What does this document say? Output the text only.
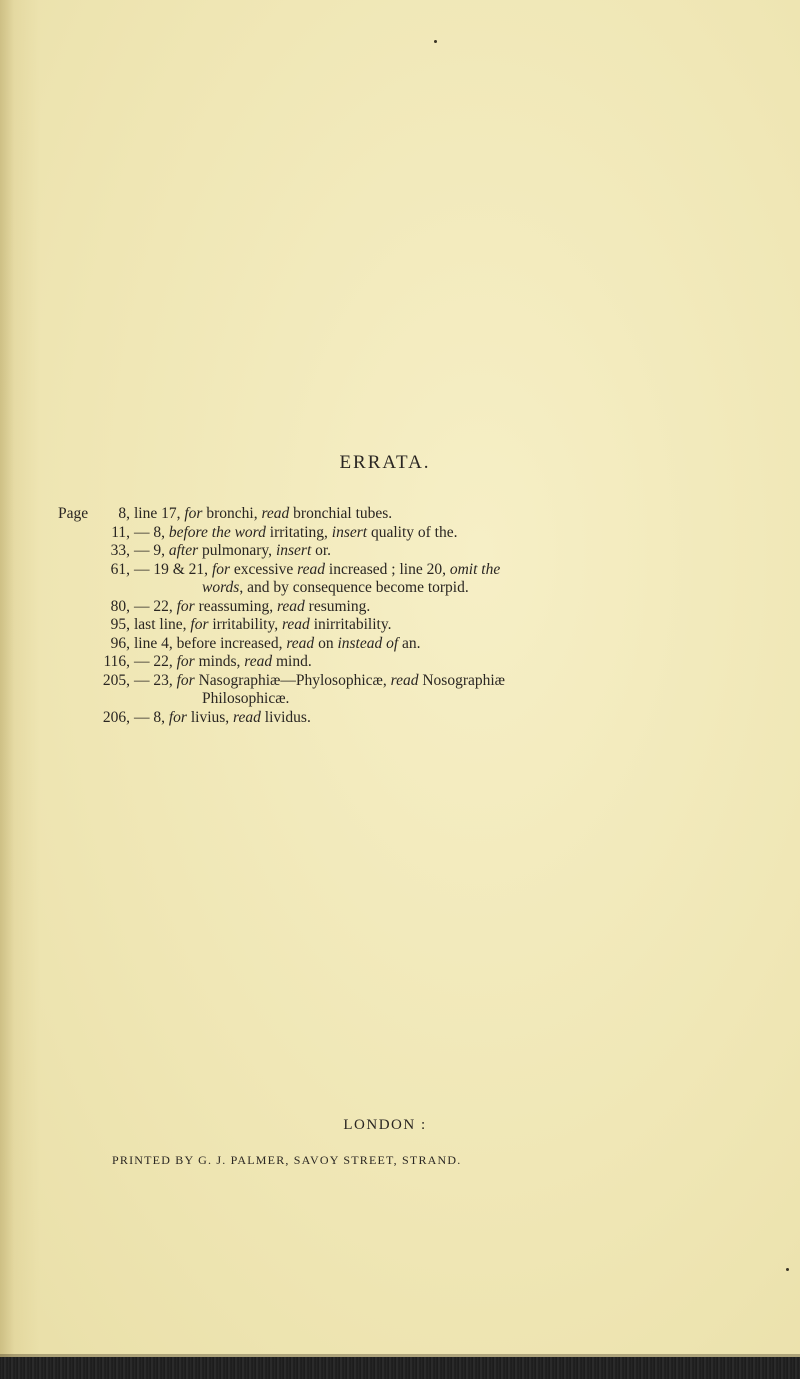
ERRATA.
Page	8, line 17, for bronchi, read bronchial tubes.
11, — 8, before the word irritating, insert quality of the.
33, — 9, after pulmonary, insert or.
61, — 19 & 21, for excessive read increased ; line 20, omit the
words, and by consequence become torpid.
80, — 22, for reassuming, read resuming.
95, last line, for irritability, read inirritability.
96, line 4, before increased, read on instead of an.
116, — 22, for minds, read mind.
205, — 23, for Nasographiæ—Phylosophicæ, read Nosographiæ
Philosophicæ.
206, — 8, for livius, read lividus.
LONDON :
PRINTED BY G. J. PALMER, SAVOY STREET, STRAND.
